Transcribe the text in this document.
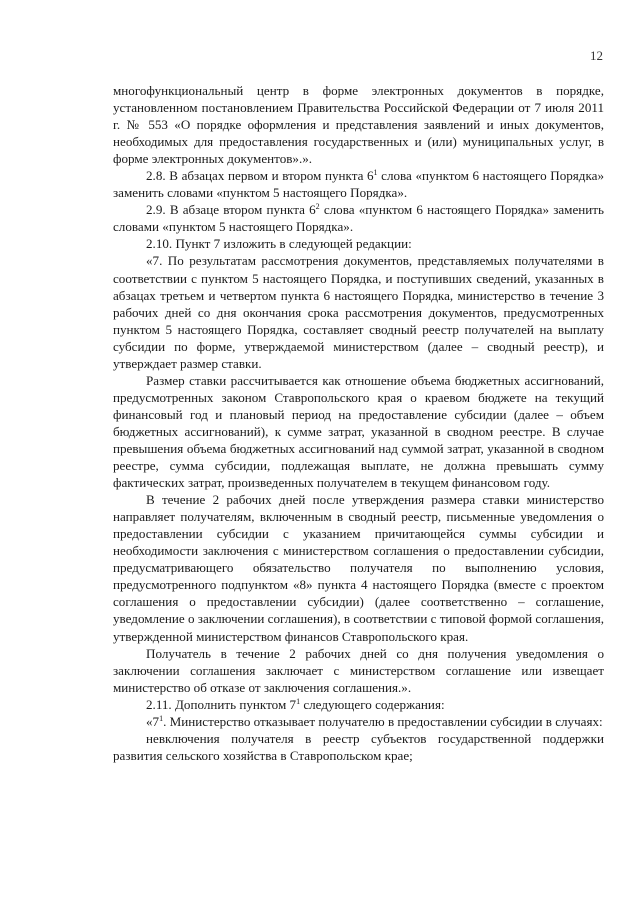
12

многофункциональный центр в форме электронных документов в порядке, установленном постановлением Правительства Российской Федерации от 7 июля 2011 г. № 553 «О порядке оформления и представления заявлений и иных документов, необходимых для предоставления государственных и (или) муниципальных услуг, в форме электронных документов».».

2.8. В абзацах первом и втором пункта $6^1$ слова «пунктом 6 настоящего Порядка» заменить словами «пунктом 5 настоящего Порядка».

2.9. В абзаце втором пункта $6^2$ слова «пунктом 6 настоящего Порядка» заменить словами «пунктом 5 настоящего Порядка».

2.10. Пункт 7 изложить в следующей редакции:

«7. По результатам рассмотрения документов, представляемых получателями в соответствии с пунктом 5 настоящего Порядка, и поступивших сведений, указанных в абзацах третьем и четвертом пункта 6 настоящего Порядка, министерство в течение 3 рабочих дней со дня окончания срока рассмотрения документов, предусмотренных пунктом 5 настоящего Порядка, составляет сводный реестр получателей на выплату субсидии по форме, утверждаемой министерством (далее – сводный реестр), и утверждает размер ставки.

Размер ставки рассчитывается как отношение объема бюджетных ассигнований, предусмотренных законом Ставропольского края о краевом бюджете на текущий финансовый год и плановый период на предоставление субсидии (далее – объем бюджетных ассигнований), к сумме затрат, указанной в сводном реестре. В случае превышения объема бюджетных ассигнований над суммой затрат, указанной в сводном реестре, сумма субсидии, подлежащая выплате, не должна превышать сумму фактических затрат, произведенных получателем в текущем финансовом году.

В течение 2 рабочих дней после утверждения размера ставки министерство направляет получателям, включенным в сводный реестр, письменные уведомления о предоставлении субсидии с указанием причитающейся суммы субсидии и необходимости заключения с министерством соглашения о предоставлении субсидии, предусматривающего обязательство получателя по выполнению условия, предусмотренного подпунктом «8» пункта 4 настоящего Порядка (вместе с проектом соглашения о предоставлении субсидии) (далее соответственно – соглашение, уведомление о заключении соглашения), в соответствии с типовой формой соглашения, утвержденной министерством финансов Ставропольского края.

Получатель в течение 2 рабочих дней со дня получения уведомления о заключении соглашения заключает с министерством соглашение или извещает министерство об отказе от заключения соглашения.».

2.11. Дополнить пунктом $7^1$ следующего содержания:

«$7^1$. Министерство отказывает получателю в предоставлении субсидии в случаях:

невключения получателя в реестр субъектов государственной поддержки развития сельского хозяйства в Ставропольском крае;
